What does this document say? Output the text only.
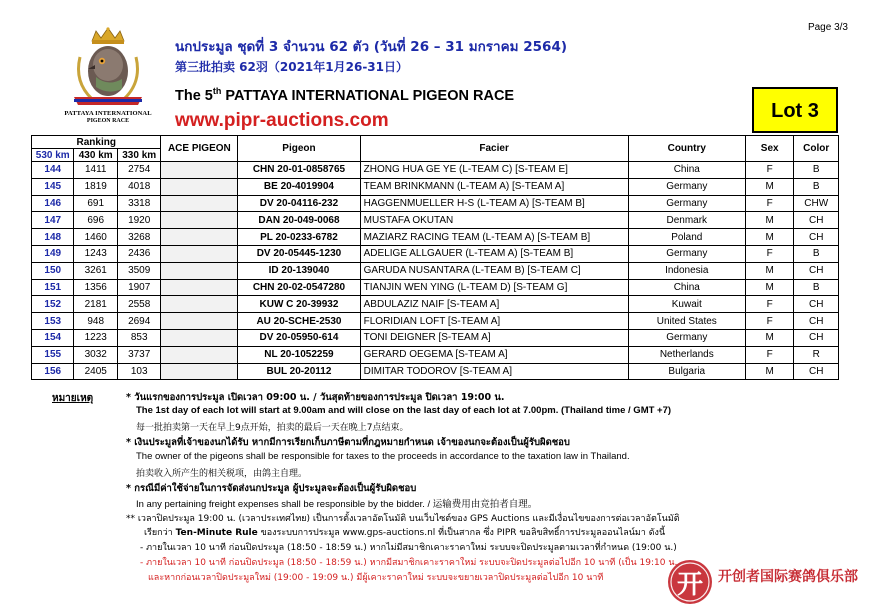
Page 3/3
PATTAYA INTERNATIONAL
PIGEON RACE
นกประมูล ชุดที่ 3 จำนวน 62 ตัว (วันที่ 26 – 31 มกราคม 2564)
第三批拍卖 62羽（2021年1月26-31日）
The 5th PATTAYA INTERNATIONAL PIGEON RACE
www.pipr-auctions.com	Lot 3
Ranking			ACE PIGEON	Pigeon	Facier	Country	Sex	Color
530 km	430 km	330 km						
144	1411	2754		CHN 20-01-0858765	ZHONG HUA GE YE (L-TEAM C) [S-TEAM E]	China	F	B
145	1819	4018		BE 20-4019904	TEAM BRINKMANN (L-TEAM A) [S-TEAM A]	Germany	M	B
146	691	3318		DV 20-04116-232	HAGGENMUELLER H-S (L-TEAM A) [S-TEAM B]	Germany	F	CHW
147	696	1920		DAN 20-049-0068	MUSTAFA OKUTAN	Denmark	M	CH
148	1460	3268		PL 20-0233-6782	MAZIARZ RACING TEAM (L-TEAM A) [S-TEAM B]	Poland	M	CH
149	1243	2436		DV 20-05445-1230	ADELIGE ALLGAUER (L-TEAM A) [S-TEAM B]	Germany	F	B
150	3261	3509		ID 20-139040	GARUDA NUSANTARA (L-TEAM B) [S-TEAM C]	Indonesia	M	CH
151	1356	1907		CHN 20-02-0547280	TIANJIN WEN YING (L-TEAM D) [S-TEAM G]	China	M	B
152	2181	2558		KUW C 20-39932	ABDULAZIZ NAIF [S-TEAM A]	Kuwait	F	CH
153	948	2694		AU 20-SCHE-2530	FLORIDIAN LOFT [S-TEAM A]	United States	F	CH
154	1223	853		DV 20-05950-614	TONI DEIGNER [S-TEAM A]	Germany	M	CH
155	3032	3737		NL 20-1052259	GERARD OEGEMA [S-TEAM A]	Netherlands	F	R
156	2405	103		BUL 20-20112	DIMITAR TODOROV [S-TEAM A]	Bulgaria	M	CH
หมายเหตุ	* วันแรกของการประมูล เปิดเวลา 09:00 น. / วันสุดท้ายของการประมูล ปิดเวลา 19:00 น.
The 1st day of each lot will start at 9.00am and will close on the last day of each lot at 7.00pm. (Thailand time / GMT +7)
每一批拍卖第一天在早上9点开始，拍卖的最后一天在晚上7点结束。
* เงินประมูลที่เจ้าของนกได้รับ หากมีการเรียกเก็บภาษีตามที่กฎหมายกำหนด เจ้าของนกจะต้องเป็นผู้รับผิดชอบ
The owner of the pigeons shall be responsible for taxes to the proceeds in accordance to the taxation law in Thailand.
拍卖收入所产生的相关税项，由鸽主自理。
* กรณีมีค่าใช้จ่ายในการจัดส่งนกประมูล ผู้ประมูลจะต้องเป็นผู้รับผิดชอบ
In any pertaining freight expenses shall be responsible by the bidder. / 运输费用由竞拍者自理。
** เวลาปิดประมูล 19:00 น. (เวลาประเทศไทย) เป็นการตั้งเวลาอัตโนมัติ บนเว็บไซต์ของ GPS Auctions และมีเงื่อนไขของการต่อเวลาอัตโนมัติ
เรียกว่า Ten-Minute Rule ของระบบการประมูล www.gps-auctions.nl ที่เป็นสากล ซึ่ง PIPR ขอลิขสิทธิ์การประมูลออนไลน์มา ดังนี้
- ภายในเวลา 10 นาที ก่อนปิดประมูล (18:50 - 18:59 น.) หากไม่มีสมาชิกเคาะราคาใหม่ ระบบจะปิดประมูลตามเวลาที่กำหนด (19:00 น.)
- ภายในเวลา 10 นาที ก่อนปิดประมูล (18:50 - 18:59 น.) หากมีสมาชิกเคาะราคาใหม่ ระบบจะปิดประมูลต่อไปอีก 10 นาที (เป็น 19:10 น.
และหากก่อนเวลาปิดประมูลใหม่ (19:00 - 19:09 น.) มีผู้เคาะราคาใหม่ ระบบจะขยายเวลาปิดประมูลต่อไปอีก 10 นาที	开 开创者国际赛鸽俱乐部
